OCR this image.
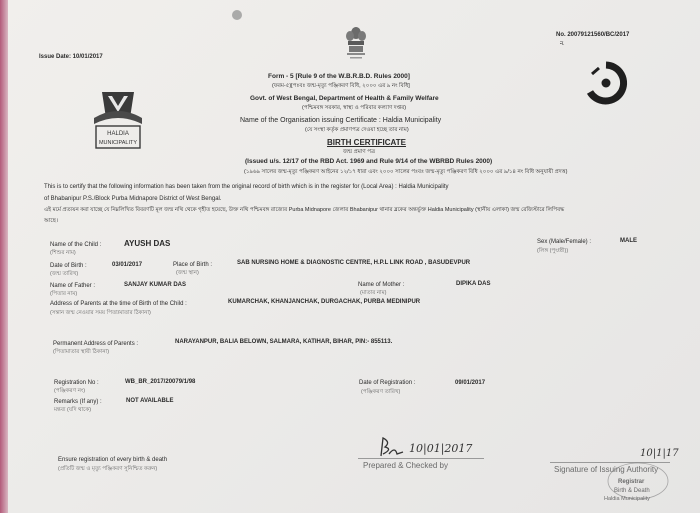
Issue Date: 10/01/2017
No. 20079121560/BC/2017
न.
HALDIA
MUNICIPALITY
Form - 5 [Rule 9 of the W.B.R.B.D. Rules 2000]
(ফরম-৫)[পঃবঃ জন্ম-মৃত্যু পঞ্জিকরণ বিধি, ২০০০ এর ৯ নং বিধি]
Govt. of West Bengal, Department of Health & Family Welfare
(পশ্চিমবঙ্গ সরকার, স্বাস্থ্য ও পরিবার কল্যাণ দপ্তর)
Name of the Organisation issuing Certificate : Haldia Municipality
(যে সংস্থা কর্তৃক প্রমাণপত্র দেওয়া হচ্ছে তার নাম)
BIRTH CERTIFICATE
জন্ম প্রমাণ পত্র
(Issued u/s. 12/17 of the RBD Act. 1969 and Rule 9/14 of the WBRBD Rules 2000)
(১৯৬৯ সালের জন্ম-মৃত্যু পঞ্জিকরণ আইনের ১২/১৭ ধারা এবং ২০০০ সালের পঃবঃ জন্ম-মৃত্যু পঞ্জিকরণ বিধি ২০০০ এর ৯/১৪ নং বিধি অনুযায়ী প্রদত্ত)
This is to certify that the following information has been taken from the original record of birth which is in the register for (Local Area) : Haldia Municipality
of Bhabanipur P.S./Block Purba Midnapore District of West Bengal.
এই মর্মে প্রত্যয়ন করা যাচ্ছে যে নিম্নলিখিত বিবরণটি মূল জন্ম নথি থেকে গৃহীত হয়েছে, উক্ত নথি পশ্চিমবঙ্গ রাজ্যের Purba Midnapore জেলার Bhabanipur থানার ব্লকের অন্তর্ভুক্ত Haldia Municipality (স্থানীয় এলাকা) জন্ম রেজিস্টারে লিপিবদ্ধ
আছে।
Name of the Child :
(শিশুর নাম)
AYUSH DAS	Sex (Male/Female) :
(লিঙ্গ (পুং/স্ত্রী))
MALE
Date of Birth :
(জন্ম তারিখ)
03/01/2017	Place of Birth :
(জন্ম স্থান)
SAB NURSING HOME & DIAGNOSTIC CENTRE, H.P.L LINK ROAD , BASUDEVPUR
Name of Father :
(পিতার নাম)
SANJAY KUMAR DAS	Name of Mother :
(মাতার নাম)
DIPIKA DAS
Address of Parents at the time of Birth of the Child :
(সন্তান জন্ম নেওয়ার সময় পিতা/মাতার ঠিকানা)
KUMARCHAK, KHANJANCHAK, DURGACHAK, PURBA MEDINIPUR
Permanent Address of Parents :
(পিতামাতার স্থায়ী ঠিকানা)
NARAYANPUR, BALIA BELOWN, SALMARA, KATIHAR, BIHAR, PIN:- 855113.
Registration No :
(পঞ্জিকরণ নং)
WB_BR_2017/20079/1/98	Date of Registration :
(পঞ্জিকরণ তারিখ)
09/01/2017
Remarks (If any) :
মন্তব্য (যদি থাকে)
NOT AVAILABLE
Ensure registration of every birth & death
(প্রতিটি জন্ম ও মৃত্যু পঞ্জিকরণ সুনিশ্চিত করুন)
10|01|2017
Prepared & Checked by	Signature of Issuing Authority
10|1|17
Registrar
Birth & Death
Haldia Municipality
